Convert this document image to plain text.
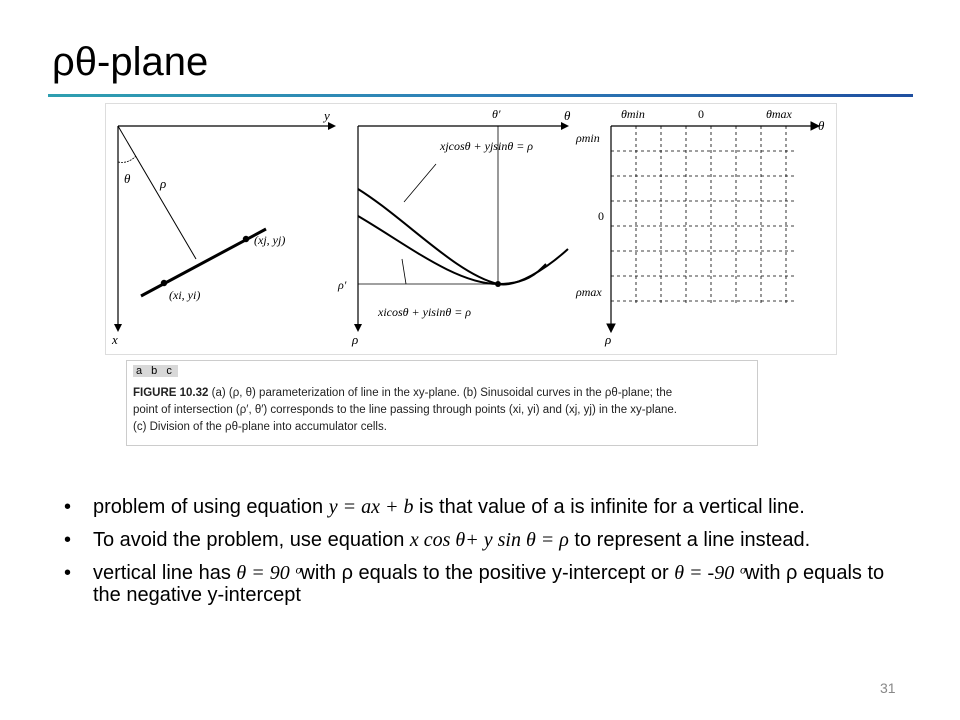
ρθ-plane
y
x
θ ρ
(xj, yj)
(xi, yi)
θ′	θ
ρ′
ρ
xjcosθ + yjsinθ = ρ
xicosθ + yisinθ = ρ
θmin	0	θmax
θ
ρmin
0
ρmax
ρ
a b c
FIGURE 10.32 (a) (ρ, θ) parameterization of line in the xy-plane. (b) Sinusoidal curves in the ρθ-plane; the
point of intersection (ρ′, θ′) corresponds to the line passing through points (xi, yi) and (xj, yj) in the xy-plane.
(c) Division of the ρθ-plane into accumulator cells.
• problem of using equation y = ax + b is that value of a is infinite for a vertical line.
• To avoid the problem, use equation x cos θ+ y sin θ = ρ to represent a line instead.
• vertical line has θ = 90 ᵒwith ρ equals to the positive y-intercept or θ = -90 ᵒwith ρ equals to the negative y-intercept
31
